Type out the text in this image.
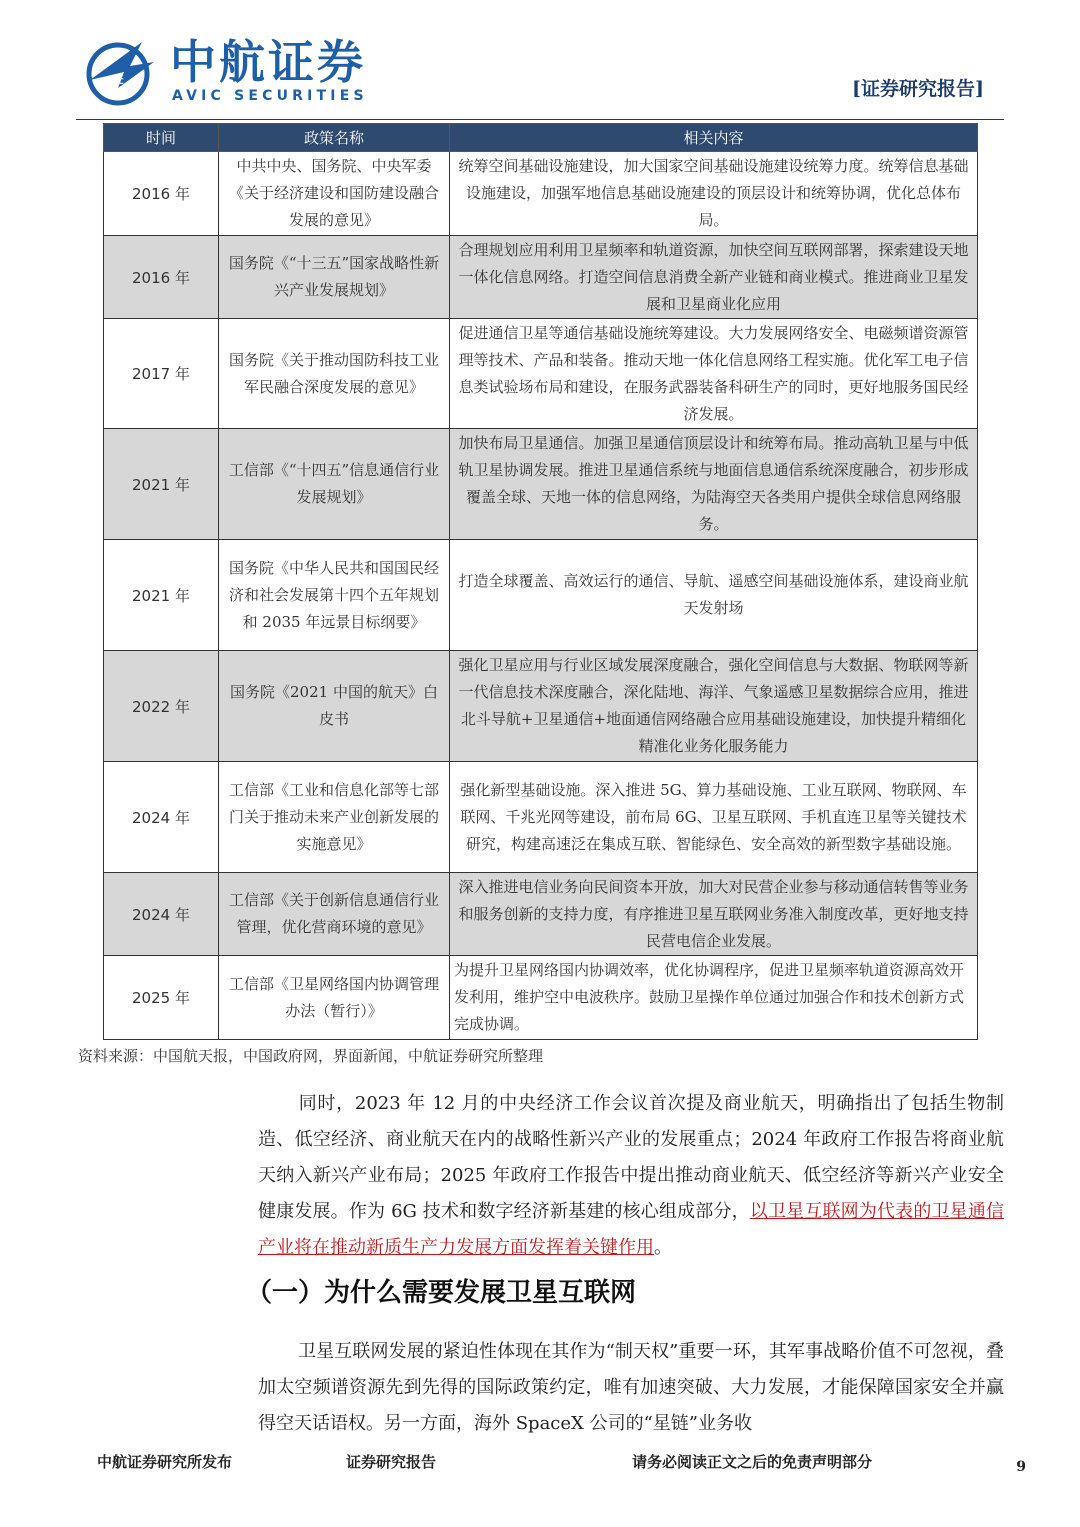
AVIC 中航证券
AVIC SECURITIES	[证券研究报告]
时间	政策名称	相关内容
2016 年	中共中央、国务院、中央军委《关于经济建设和国防建设融合发展的意见》	统筹空间基础设施建设，加大国家空间基础设施建设统筹力度。统筹信息基础设施建设，加强军地信息基础设施建设的顶层设计和统筹协调，优化总体布局。
2016 年	国务院《“十三五”国家战略性新兴产业发展规划》	合理规划应用利用卫星频率和轨道资源，加快空间互联网部署，探索建设天地一体化信息网络。打造空间信息消费全新产业链和商业模式。推进商业卫星发展和卫星商业化应用
2017 年	国务院《关于推动国防科技工业军民融合深度发展的意见》	促进通信卫星等通信基础设施统筹建设。大力发展网络安全、电磁频谱资源管理等技术、产品和装备。推动天地一体化信息网络工程实施。优化军工电子信息类试验场布局和建设，在服务武器装备科研生产的同时，更好地服务国民经济发展。
2021 年	工信部《“十四五”信息通信行业发展规划》	加快布局卫星通信。加强卫星通信顶层设计和统筹布局。推动高轨卫星与中低轨卫星协调发展。推进卫星通信系统与地面信息通信系统深度融合，初步形成覆盖全球、天地一体的信息网络，为陆海空天各类用户提供全球信息网络服务。
2021 年	国务院《中华人民共和国国民经济和社会发展第十四个五年规划和 2035 年远景目标纲要》	打造全球覆盖、高效运行的通信、导航、遥感空间基础设施体系，建设商业航天发射场
2022 年	国务院《2021 中国的航天》白皮书	强化卫星应用与行业区域发展深度融合，强化空间信息与大数据、物联网等新一代信息技术深度融合，深化陆地、海洋、气象遥感卫星数据综合应用，推进北斗导航+卫星通信+地面通信网络融合应用基础设施建设，加快提升精细化精准化业务化服务能力
2024 年	工信部《工业和信息化部等七部门关于推动未来产业创新发展的实施意见》	强化新型基础设施。深入推进 5G、算力基础设施、工业互联网、物联网、车联网、千兆光网等建设，前布局 6G、卫星互联网、手机直连卫星等关键技术研究，构建高速泛在集成互联、智能绿色、安全高效的新型数字基础设施。
2024 年	工信部《关于创新信息通信行业管理，优化营商环境的意见》	深入推进电信业务向民间资本开放，加大对民营企业参与移动通信转售等业务和服务创新的支持力度，有序推进卫星互联网业务准入制度改革，更好地支持民营电信企业发展。
2025 年	工信部《卫星网络国内协调管理办法（暂行）》	为提升卫星网络国内协调效率，优化协调程序，促进卫星频率轨道资源高效开发利用，维护空中电波秩序。鼓励卫星操作单位通过加强合作和技术创新方式完成协调。
资料来源：中国航天报，中国政府网，界面新闻，中航证券研究所整理
同时，2023 年 12 月的中央经济工作会议首次提及商业航天，明确指出了包括生物制造、低空经济、商业航天在内的战略性新兴产业的发展重点；2024 年政府工作报告将商业航天纳入新兴产业布局；2025 年政府工作报告中提出推动商业航天、低空经济等新兴产业安全健康发展。作为 6G 技术和数字经济新基建的核心组成部分，以卫星互联网为代表的卫星通信产业将在推动新质生产力发展方面发挥着关键作用。
（一）为什么需要发展卫星互联网
卫星互联网发展的紧迫性体现在其作为“制天权”重要一环，其军事战略价值不可忽视，叠加太空频谱资源先到先得的国际政策约定，唯有加速突破、大力发展，才能保障国家安全并赢得空天话语权。另一方面，海外 SpaceX 公司的“星链”业务收
中航证券研究所发布	证券研究报告	请务必阅读正文之后的免责声明部分	9
